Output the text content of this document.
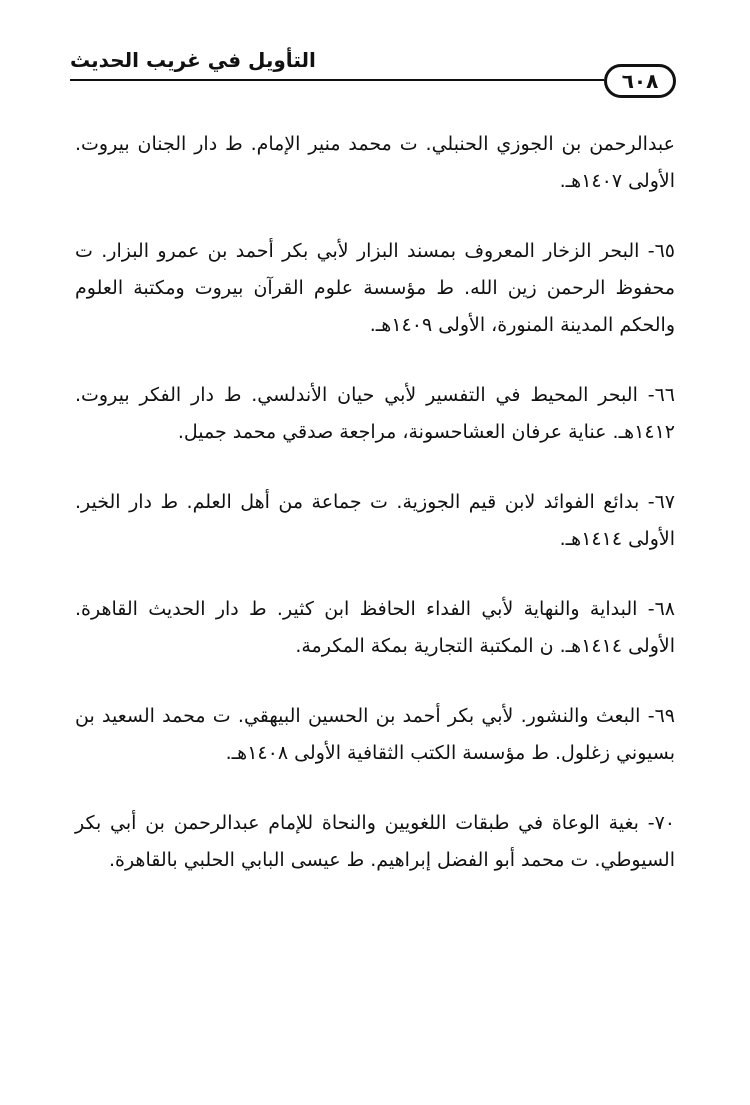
٦٠٨
التأويل في غريب الحديث

عبدالرحمن بن الجوزي الحنبلي. ت محمد منير الإمام. ط دار الجنان بيروت. الأولى ١٤٠٧هـ.

٦٥- البحر الزخار المعروف بمسند البزار لأبي بكر أحمد بن عمرو البزار. ت محفوظ الرحمن زين الله. ط مؤسسة علوم القرآن بيروت ومكتبة العلوم والحكم المدينة المنورة، الأولى ١٤٠٩هـ.

٦٦- البحر المحيط في التفسير لأبي حيان الأندلسي. ط دار الفكر بيروت. ١٤١٢هـ. عناية عرفان العشاحسونة، مراجعة صدقي محمد جميل.

٦٧- بدائع الفوائد لابن قيم الجوزية. ت جماعة من أهل العلم. ط دار الخير. الأولى ١٤١٤هـ.

٦٨- البداية والنهاية لأبي الفداء الحافظ ابن كثير. ط دار الحديث القاهرة. الأولى ١٤١٤هـ. ن المكتبة التجارية بمكة المكرمة.

٦٩- البعث والنشور. لأبي بكر أحمد بن الحسين البيهقي. ت محمد السعيد بن بسيوني زغلول. ط مؤسسة الكتب الثقافية الأولى ١٤٠٨هـ.

٧٠- بغية الوعاة في طبقات اللغويين والنحاة للإمام عبدالرحمن بن أبي بكر السيوطي. ت محمد أبو الفضل إبراهيم. ط عيسى البابي الحلبي بالقاهرة.
